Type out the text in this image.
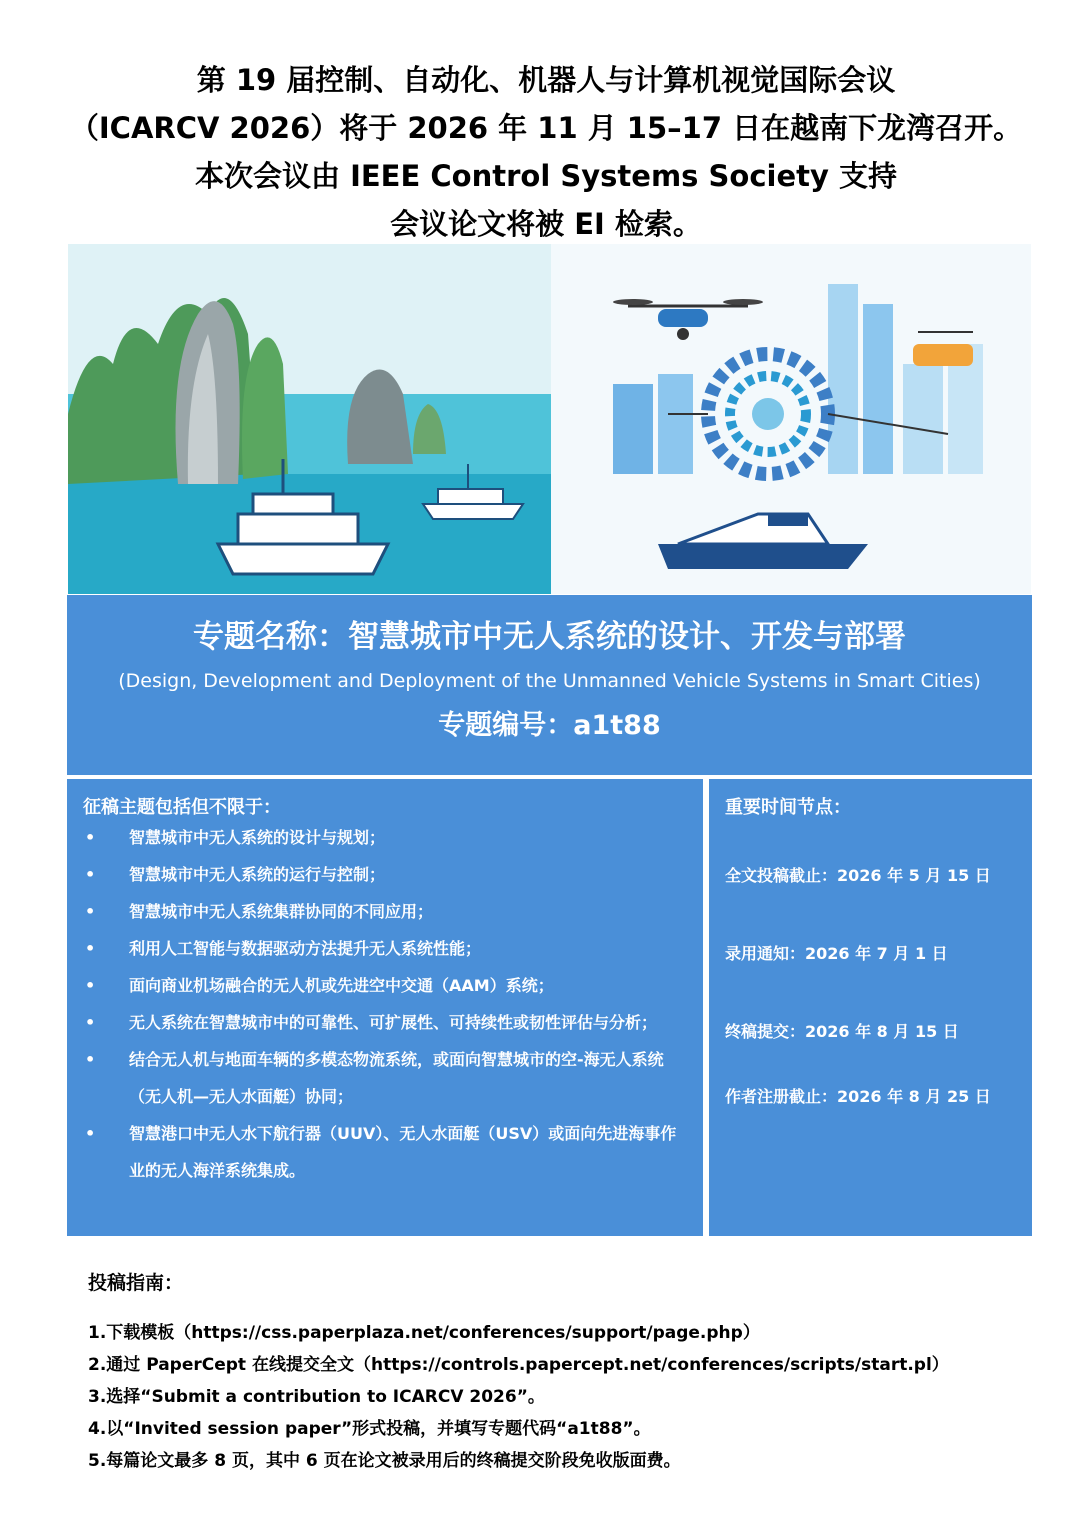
第 19 届控制、自动化、机器人与计算机视觉国际会议
（ICARCV 2026）将于 2026 年 11 月 15–17 日在越南下龙湾召开。
本次会议由 IEEE Control Systems Society 支持
会议论文将被 EI 检索。
专题名称：智慧城市中无人系统的设计、开发与部署
(Design, Development and Deployment of the Unmanned Vehicle Systems in Smart Cities)
专题编号：a1t88
征稿主题包括但不限于：
• 智慧城市中无人系统的设计与规划；
• 智慧城市中无人系统的运行与控制；
• 智慧城市中无人系统集群协同的不同应用；
• 利用人工智能与数据驱动方法提升无人系统性能；
• 面向商业机场融合的无人机或先进空中交通（AAM）系统；
• 无人系统在智慧城市中的可靠性、可扩展性、可持续性或韧性评估与分析；
• 结合无人机与地面车辆的多模态物流系统，或面向智慧城市的空-海无人系统（无人机—无人水面艇）协同；
• 智慧港口中无人水下航行器（UUV）、无人水面艇（USV）或面向先进海事作业的无人海洋系统集成。
重要时间节点：
全文投稿截止：2026 年 5 月 15 日
录用通知：2026 年 7 月 1 日
终稿提交：2026 年 8 月 15 日
作者注册截止：2026 年 8 月 25 日
投稿指南：
1.下载模板（https://css.paperplaza.net/conferences/support/page.php）
2.通过 PaperCept 在线提交全文（https://controls.papercept.net/conferences/scripts/start.pl）
3.选择“Submit a contribution to ICARCV 2026”。
4.以“Invited session paper”形式投稿，并填写专题代码“a1t88”。
5.每篇论文最多 8 页，其中 6 页在论文被录用后的终稿提交阶段免收版面费。
